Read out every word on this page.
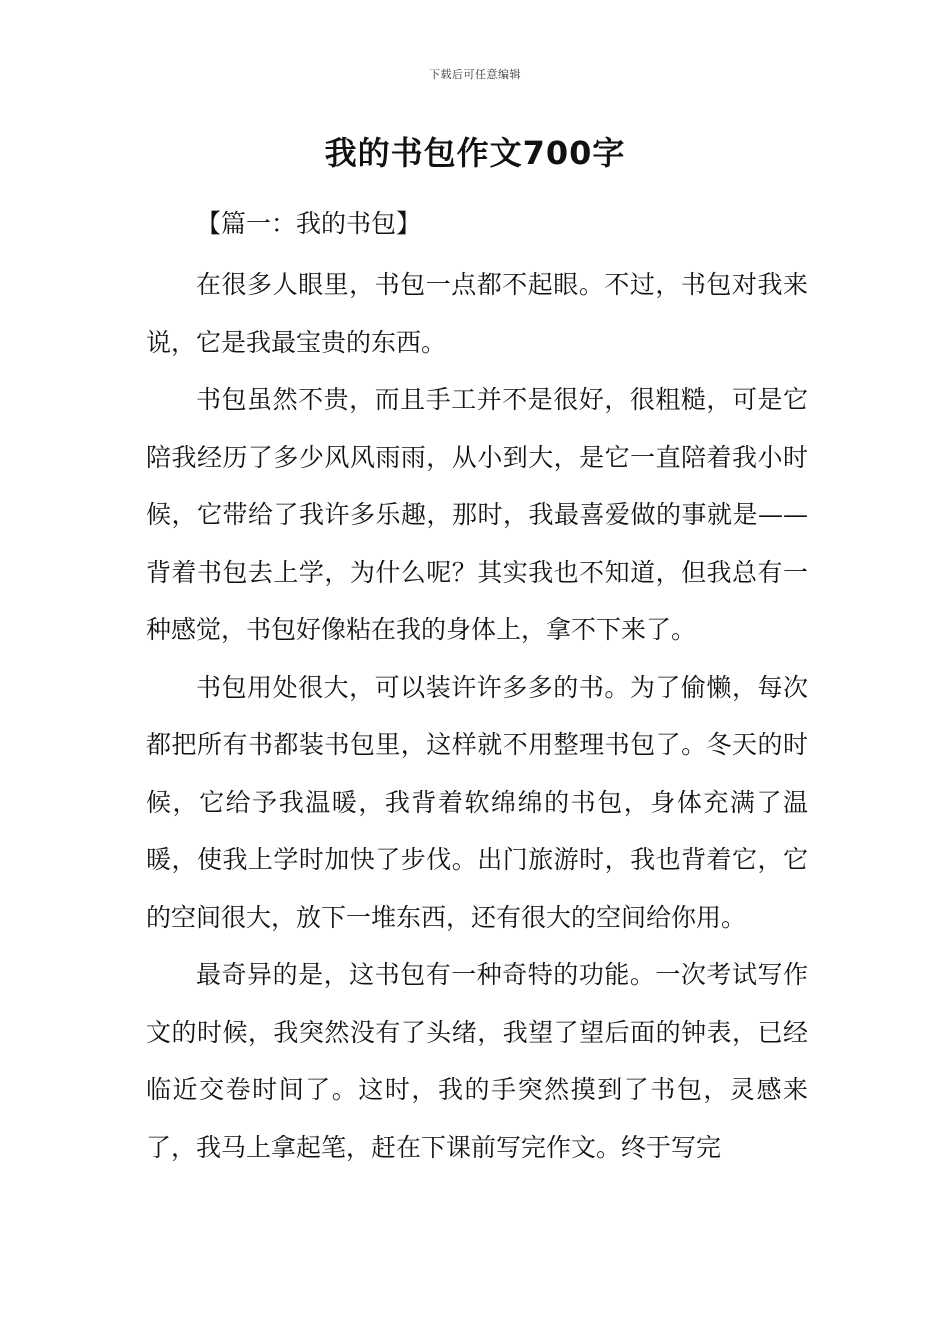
下载后可任意编辑
我的书包作文700字
【篇一：我的书包】

在很多人眼里，书包一点都不起眼。不过，书包对我来说，它是我最宝贵的东西。

书包虽然不贵，而且手工并不是很好，很粗糙，可是它陪我经历了多少风风雨雨，从小到大，是它一直陪着我小时候，它带给了我许多乐趣，那时，我最喜爱做的事就是——背着书包去上学，为什么呢？其实我也不知道，但我总有一种感觉，书包好像粘在我的身体上，拿不下来了。

书包用处很大，可以装许许多多的书。为了偷懒，每次都把所有书都装书包里，这样就不用整理书包了。冬天的时候，它给予我温暖，我背着软绵绵的书包，身体充满了温暖，使我上学时加快了步伐。出门旅游时，我也背着它，它的空间很大，放下一堆东西，还有很大的空间给你用。

最奇异的是，这书包有一种奇特的功能。一次考试写作文的时候，我突然没有了头绪，我望了望后面的钟表，已经临近交卷时间了。这时，我的手突然摸到了书包，灵感来了，我马上拿起笔，赶在下课前写完作文。终于写完
